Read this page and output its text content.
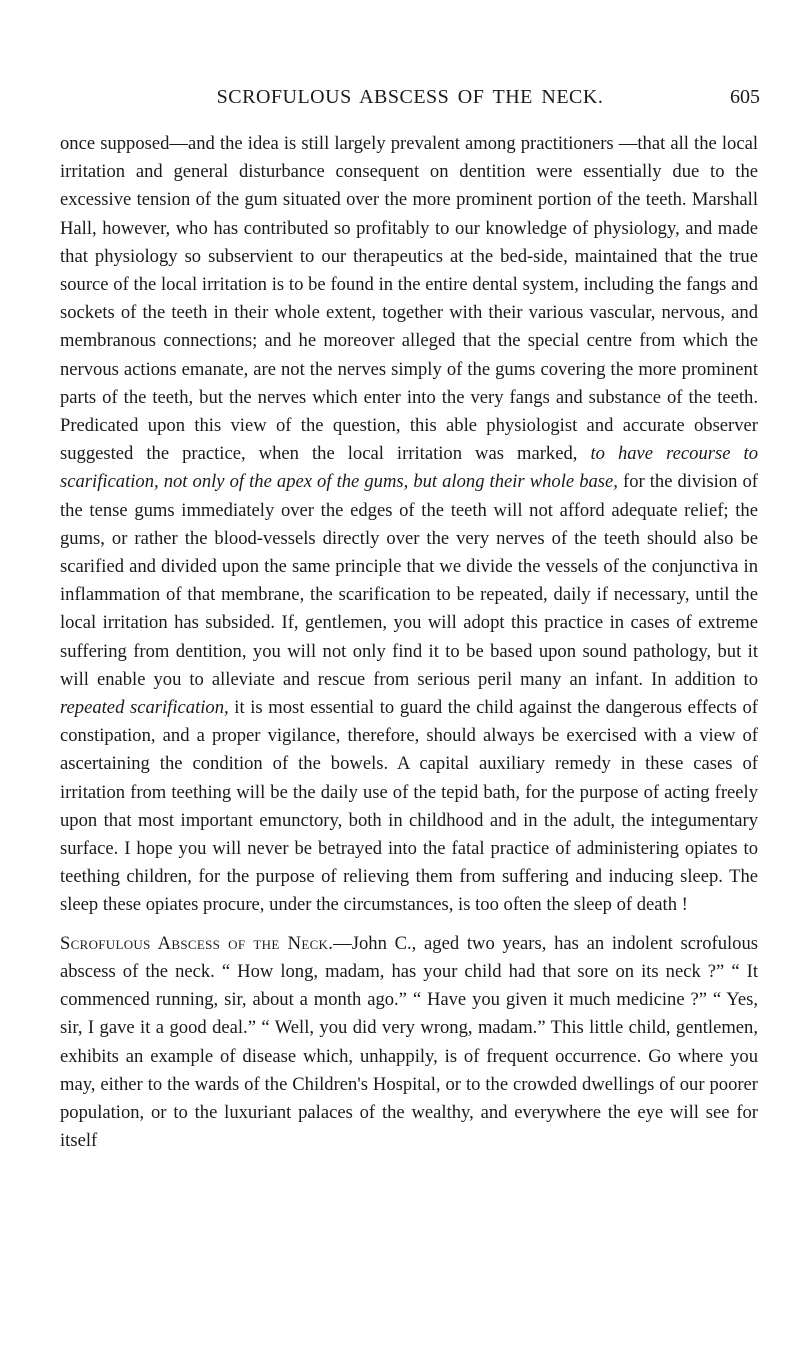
SCROFULOUS ABSCESS OF THE NECK.	605

once supposed—and the idea is still largely prevalent among practitioners —that all the local irritation and general disturbance consequent on dentition were essentially due to the excessive tension of the gum situated over the more prominent portion of the teeth. Marshall Hall, however, who has contributed so profitably to our knowledge of physiology, and made that physiology so subservient to our therapeutics at the bed-side, maintained that the true source of the local irritation is to be found in the entire dental system, including the fangs and sockets of the teeth in their whole extent, together with their various vascular, nervous, and membranous connections; and he moreover alleged that the special centre from which the nervous actions emanate, are not the nerves simply of the gums covering the more prominent parts of the teeth, but the nerves which enter into the very fangs and substance of the teeth. Predicated upon this view of the question, this able physiologist and accurate observer suggested the practice, when the local irritation was marked, to have recourse to scarification, not only of the apex of the gums, but along their whole base, for the division of the tense gums immediately over the edges of the teeth will not afford adequate relief; the gums, or rather the blood-vessels directly over the very nerves of the teeth should also be scarified and divided upon the same principle that we divide the vessels of the conjunctiva in inflammation of that membrane, the scarification to be repeated, daily if necessary, until the local irritation has subsided. If, gentlemen, you will adopt this practice in cases of extreme suffering from dentition, you will not only find it to be based upon sound pathology, but it will enable you to alleviate and rescue from serious peril many an infant. In addition to repeated scarification, it is most essential to guard the child against the dangerous effects of constipation, and a proper vigilance, therefore, should always be exercised with a view of ascertaining the condition of the bowels. A capital auxiliary remedy in these cases of irritation from teething will be the daily use of the tepid bath, for the purpose of acting freely upon that most important emunctory, both in childhood and in the adult, the integumentary surface. I hope you will never be betrayed into the fatal practice of administering opiates to teething children, for the purpose of relieving them from suffering and inducing sleep. The sleep these opiates procure, under the circumstances, is too often the sleep of death !

Scrofulous Abscess of the Neck.—John C., aged two years, has an indolent scrofulous abscess of the neck. “ How long, madam, has your child had that sore on its neck ?” “ It commenced running, sir, about a month ago.” “ Have you given it much medicine ?” “ Yes, sir, I gave it a good deal.” “ Well, you did very wrong, madam.” This little child, gentlemen, exhibits an example of disease which, unhappily, is of frequent occurrence. Go where you may, either to the wards of the Children's Hospital, or to the crowded dwellings of our poorer population, or to the luxuriant palaces of the wealthy, and everywhere the eye will see for itself
